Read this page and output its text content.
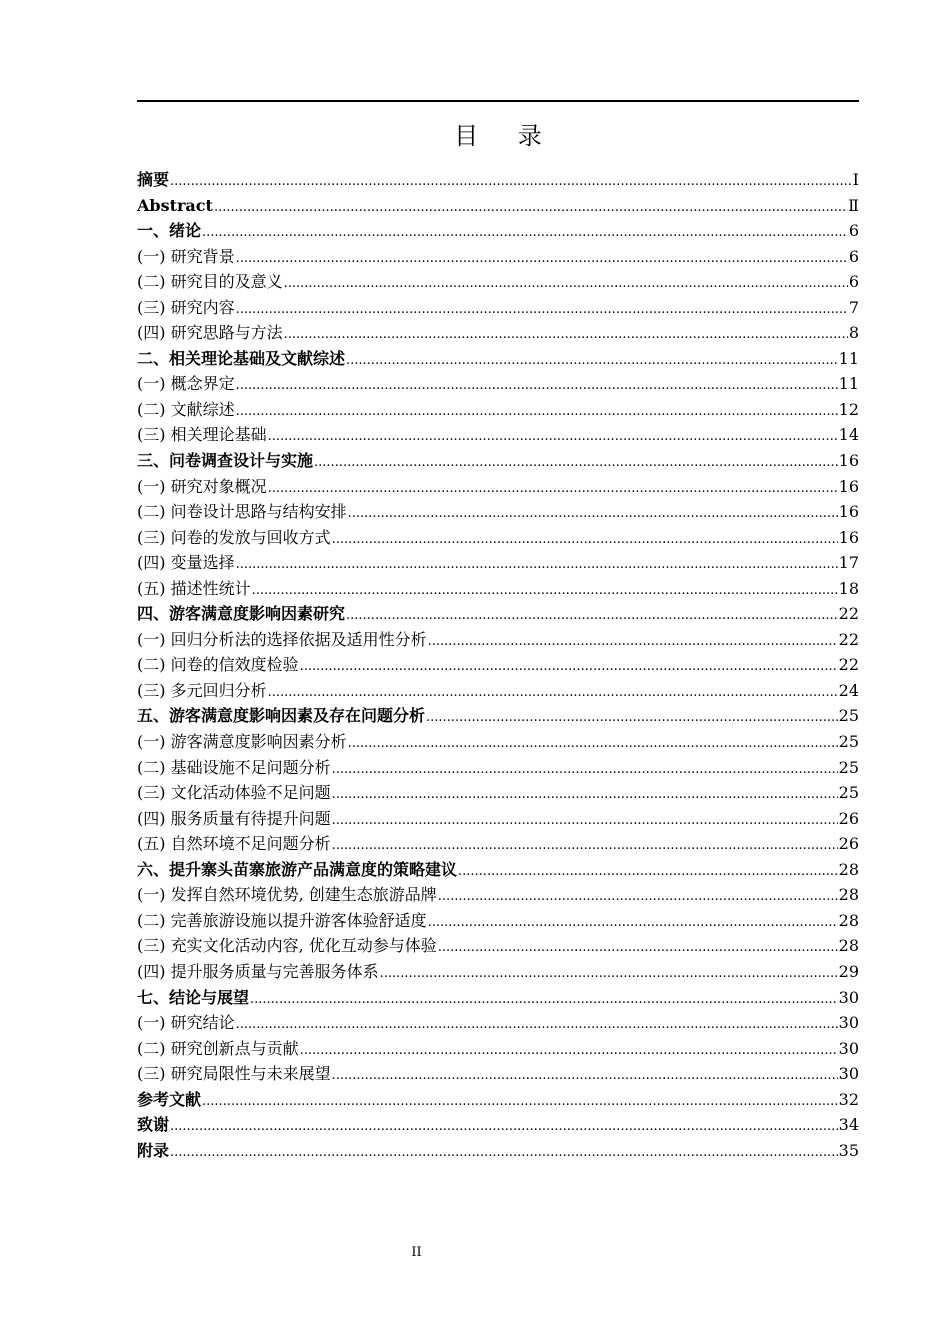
目 录
摘要 .....	Ⅰ
Abstract .....	Ⅱ
一、绪论 .....	6
(一) 研究背景 .....	6
(二) 研究目的及意义 .....	6
(三) 研究内容 .....	7
(四) 研究思路与方法 .....	8
二、相关理论基础及文献综述 .....	11
(一) 概念界定 .....	11
(二) 文献综述 .....	12
(三) 相关理论基础 .....	14
三、问卷调查设计与实施 .....	16
(一) 研究对象概况 .....	16
(二) 问卷设计思路与结构安排 .....	16
(三) 问卷的发放与回收方式 .....	16
(四) 变量选择 .....	17
(五) 描述性统计 .....	18
四、游客满意度影响因素研究 .....	22
(一) 回归分析法的选择依据及适用性分析 .....	22
(二) 问卷的信效度检验 .....	22
(三) 多元回归分析 .....	24
五、游客满意度影响因素及存在问题分析 .....	25
(一) 游客满意度影响因素分析 .....	25
(二) 基础设施不足问题分析 .....	25
(三) 文化活动体验不足问题 .....	25
(四) 服务质量有待提升问题 .....	26
(五) 自然环境不足问题分析 .....	26
六、提升寨头苗寨旅游产品满意度的策略建议 .....	28
(一) 发挥自然环境优势, 创建生态旅游品牌 .....	28
(二) 完善旅游设施以提升游客体验舒适度 .....	28
(三) 充实文化活动内容, 优化互动参与体验 .....	28
(四) 提升服务质量与完善服务体系 .....	29
七、结论与展望 .....	30
(一) 研究结论 .....	30
(二) 研究创新点与贡献 .....	30
(三) 研究局限性与未来展望 .....	30
参考文献 .....	32
致谢 .....	34
附录 .....	35
II
